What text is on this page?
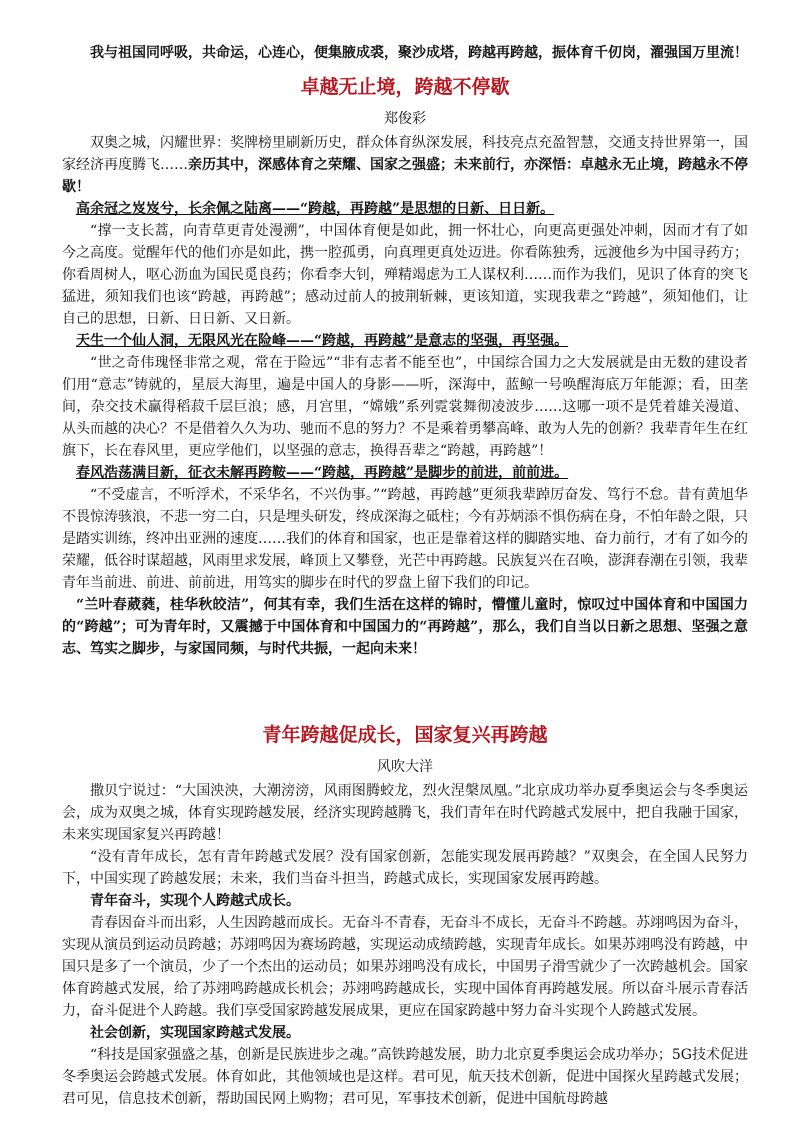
我与祖国同呼吸，共命运，心连心，便集腋成裘，聚沙成塔，跨越再跨越，振体育千仞岗，濯强国万里流！

卓越无止境，跨越不停歇
郑俊彩

双奥之城，闪耀世界：奖牌榜里刷新历史，群众体育纵深发展，科技亮点充盈智慧，交通支持世界第一，国家经济再度腾飞……亲历其中，深感体育之荣耀、国家之强盛；未来前行，亦深悟：卓越永无止境，跨越永不停歇！

高余冠之岌岌兮，长余佩之陆离——“跨越，再跨越”是思想的日新、日日新。

“撑一支长蒿，向青草更青处漫溯”，中国体育便是如此，拥一怀壮心，向更高更强处冲刺，因而才有了如今之高度。觉醒年代的他们亦是如此，携一腔孤勇，向真理更真处迈进。你看陈独秀，远渡他乡为中国寻药方；你看周树人，呕心沥血为国民觅良药；你看李大钊，殚精竭虑为工人谋权利……而作为我们，见识了体育的突飞猛进，须知我们也该“跨越，再跨越”；感动过前人的披荆斩棘，更该知道，实现我辈之“跨越”，须知他们，让自己的思想，日新、日日新、又日新。

天生一个仙人洞，无限风光在险峰——“跨越，再跨越”是意志的坚强，再坚强。

“世之奇伟瑰怪非常之观，常在于险远”“非有志者不能至也”，中国综合国力之大发展就是由无数的建设者们用“意志”铸就的，星辰大海里，遍是中国人的身影——听，深海中，蓝鲸一号唤醒海底万年能源；看，田垄间，杂交技术赢得稻菽千层巨浪；感，月宫里，“嫦娥”系列霓裳舞彻凌波步……这哪一项不是凭着雄关漫道、从头而越的决心？不是借着久久为功、驰而不息的努力？不是乘着勇攀高峰、敢为人先的创新？我辈青年生在红旗下，长在春风里，更应学他们，以坚强的意志，换得吾辈之“跨越，再跨越”！

春风浩荡满目新，征衣未解再跨鞍——“跨越，再跨越”是脚步的前进，前前进。

“不受虚言，不听浮术，不采华名，不兴伪事。”“跨越，再跨越”更须我辈踔厉奋发、笃行不怠。昔有黄旭华不畏惊涛骇浪，不悲一穷二白，只是埋头研发，终成深海之砥柱；今有苏炳添不惧伤病在身，不怕年龄之限，只是踏实训练，终冲出亚洲的速度……我们的体育和国家，也正是靠着这样的脚踏实地、奋力前行，才有了如今的荣耀，低谷时谋超越，风雨里求发展，峰顶上又攀登，光芒中再跨越。民族复兴在召唤，澎湃春潮在引领，我辈青年当前进、前进、前前进，用笃实的脚步在时代的罗盘上留下我们的印记。

“兰叶春葳蕤，桂华秋皎洁”，何其有幸，我们生活在这样的锦时，懵懂儿童时，惊叹过中国体育和中国国力的“跨越”；可为青年时，又震撼于中国体育和中国国力的“再跨越”，那么，我们自当以日新之思想、坚强之意志、笃实之脚步，与家国同频，与时代共振，一起向未来！

青年跨越促成长，国家复兴再跨越
风吹大洋

撒贝宁说过：“大国泱泱，大潮滂滂，风雨图腾蛟龙，烈火涅槃凤凰。”北京成功举办夏季奥运会与冬季奥运会，成为双奥之城，体育实现跨越发展，经济实现跨越腾飞，我们青年在时代跨越式发展中，把自我融于国家，未来实现国家复兴再跨越！

“没有青年成长，怎有青年跨越式发展？没有国家创新，怎能实现发展再跨越？”双奥会，在全国人民努力下，中国实现了跨越发展；未来，我们当奋斗担当，跨越式成长，实现国家发展再跨越。

青年奋斗，实现个人跨越式成长。

青春因奋斗而出彩，人生因跨越而成长。无奋斗不青春，无奋斗不成长，无奋斗不跨越。苏翊鸣因为奋斗，实现从演员到运动员跨越；苏翊鸣因为赛场跨越，实现运动成绩跨越，实现青年成长。如果苏翊鸣没有跨越，中国只是多了一个演员，少了一个杰出的运动员；如果苏翊鸣没有成长，中国男子滑雪就少了一次跨越机会。国家体育跨越式发展，给了苏翊鸣跨越成长机会；苏翊鸣跨越成长，实现中国体育再跨越发展。所以奋斗展示青春活力，奋斗促进个人跨越。我们享受国家跨越发展成果，更应在国家跨越中努力奋斗实现个人跨越式发展。

社会创新，实现国家跨越式发展。

“科技是国家强盛之基，创新是民族进步之魂。”高铁跨越发展，助力北京夏季奥运会成功举办；5G技术促进冬季奥运会跨越式发展。体育如此，其他领域也是这样。君可见，航天技术创新，促进中国探火星跨越式发展；君可见，信息技术创新，帮助国民网上购物；君可见，军事技术创新，促进中国航母跨越
